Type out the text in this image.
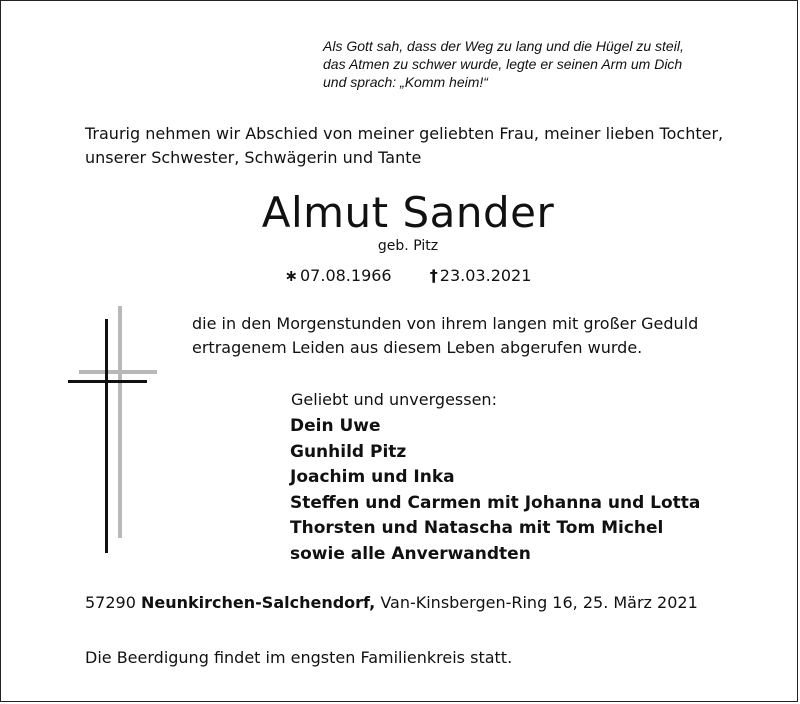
Als Gott sah, dass der Weg zu lang und die Hügel zu steil,
das Atmen zu schwer wurde, legte er seinen Arm um Dich
und sprach: „Komm heim!“
Traurig nehmen wir Abschied von meiner geliebten Frau, meiner lieben Tochter,
unserer Schwester, Schwägerin und Tante
Almut Sander
geb. Pitz
∗ 07.08.1966 † 23.03.2021
die in den Morgenstunden von ihrem langen mit großer Geduld
ertragenem Leiden aus diesem Leben abgerufen wurde.
Geliebt und unvergessen:
Dein Uwe
Gunhild Pitz
Joachim und Inka
Steffen und Carmen mit Johanna und Lotta
Thorsten und Natascha mit Tom Michel
sowie alle Anverwandten
57290 Neunkirchen-Salchendorf, Van-Kinsbergen-Ring 16, 25. März 2021
Die Beerdigung findet im engsten Familienkreis statt.
